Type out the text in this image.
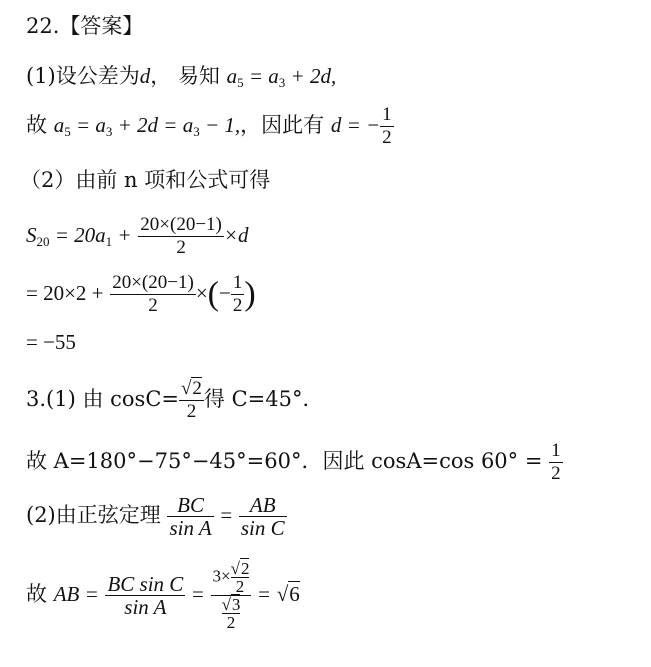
22.【答案】
(1)设公差为d， 易知 $a_5 = a_3 + 2d$,
故 $a_5 = a_3 + 2d = a_3 - 1$,，因此有 d = − $\frac{1}{2}$
（2）由前 n 项和公式可得
$S_{20} = 20a_1 + \frac{20\times(20-1)}{2} \times d$
= $20\times 2 + \frac{20\times(20-1)}{2}$ ×(− $\frac{1}{2}$ )
= −55
3.(1) 由 $\cos C= \frac{√2}{2}$ 得 C=45°．
故 A=180°−75°−45°=60°．因此 cosA=cos $60^\circ = \frac{1}{2}$
(2)由正弦定理 $\frac{BC}{\text{sin A}} = \frac{AB}{\text{sin C}}$
故 AB = $\frac{\text{BC sin C}}{\text{sin A}} = \frac{3\times \frac{√2}{2}}{\frac{√3}{2}} = √6$
